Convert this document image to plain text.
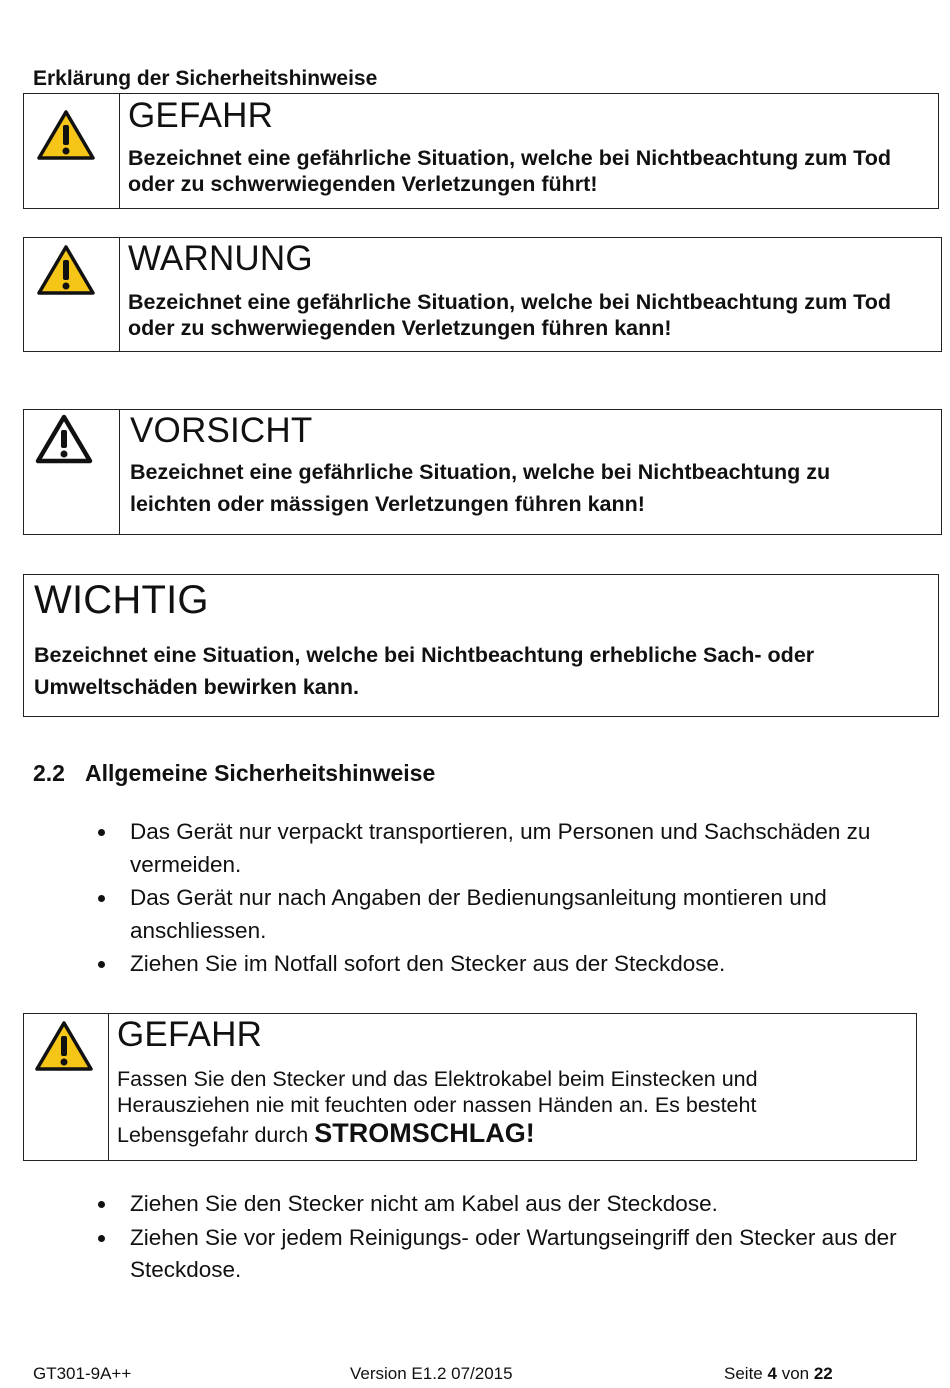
Erklärung der Sicherheitshinweise
GEFAHR
Bezeichnet eine gefährliche Situation, welche bei Nichtbeachtung zum Tod oder zu schwerwiegenden Verletzungen führt!
WARNUNG
Bezeichnet eine gefährliche Situation, welche bei Nichtbeachtung zum Tod oder zu schwerwiegenden Verletzungen führen kann!
VORSICHT
Bezeichnet eine gefährliche Situation, welche bei Nichtbeachtung zu leichten oder mässigen Verletzungen führen kann!
WICHTIG
Bezeichnet eine Situation, welche bei Nichtbeachtung erhebliche Sach- oder Umweltschäden bewirken kann.
2.2 Allgemeine Sicherheitshinweise
Das Gerät nur verpackt transportieren, um Personen und Sachschäden zu vermeiden.
Das Gerät nur nach Angaben der Bedienungsanleitung montieren und anschliessen.
Ziehen Sie im Notfall sofort den Stecker aus der Steckdose.
GEFAHR
Fassen Sie den Stecker und das Elektrokabel beim Einstecken und
Herausziehen nie mit feuchten oder nassen Händen an. Es besteht
Lebensgefahr durch STROMSCHLAG!
Ziehen Sie den Stecker nicht am Kabel aus der Steckdose.
Ziehen Sie vor jedem Reinigungs- oder Wartungseingriff den Stecker aus der Steckdose.
GT301-9A++	Version E1.2 07/2015	Seite 4 von 22
